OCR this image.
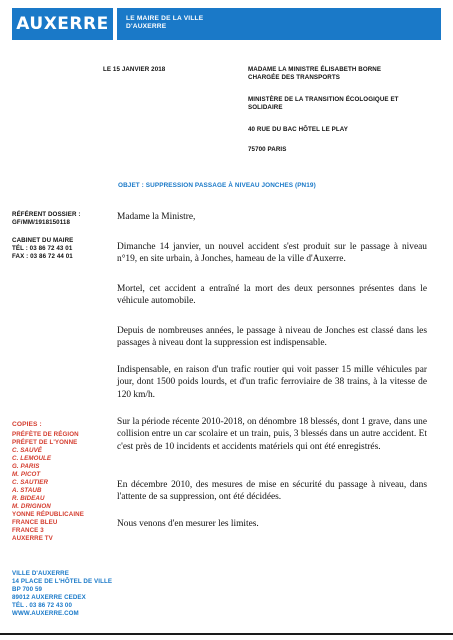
AUXERRE	LE MAIRE DE LA VILLE
D'AUXERRE
LE 15 JANVIER 2018	MADAME LA MINISTRE ÉLISABETH BORNE
CHARGÉE DES TRANSPORTS
MINISTÈRE DE LA TRANSITION ÉCOLOGIQUE ET
SOLIDAIRE
40 RUE DU BAC HÔTEL LE PLAY
75700 PARIS
OBJET : SUPPRESSION PASSAGE À NIVEAU JONCHES (PN19)
RÉFÉRENT DOSSIER :
GF/MM/1918150118
CABINET DU MAIRE
TÉL : 03 86 72 43 01
FAX : 03 86 72 44 01
COPIES :
PRÉFÈTE DE RÉGION
PRÉFET DE L'YONNE
C. SAUVÉ
C. LEMOULE
G. PARIS
M. PICOT
C. SAUTIER
A. STAUB
R. BIDEAU
M. DRIGNON
YONNE RÉPUBLICAINE
FRANCE BLEU
FRANCE 3
AUXERRE TV
VILLE D'AUXERRE
14 PLACE DE L'HÔTEL DE VILLE
BP 700 59
89012 AUXERRE CEDEX
TÉL . 03 86 72 43 00
WWW.AUXERRE.COM
Madame la Ministre,
Dimanche 14 janvier, un nouvel accident s'est produit sur le passage à niveau n°19, en site urbain, à Jonches, hameau de la ville d'Auxerre.
Mortel, cet accident a entraîné la mort des deux personnes présentes dans le véhicule automobile.
Depuis de nombreuses années, le passage à niveau de Jonches est classé dans les passages à niveau dont la suppression est indispensable.
Indispensable, en raison d'un trafic routier qui voit passer 15 mille véhicules par jour, dont 1500 poids lourds, et d'un trafic ferroviaire de 38 trains, à la vitesse de 120 km/h.
Sur la période récente 2010-2018, on dénombre 18 blessés, dont 1 grave, dans une collision entre un car scolaire et un train, puis, 3 blessés dans un autre accident. Et c'est près de 10 incidents et accidents matériels qui ont été enregistrés.
En décembre 2010, des mesures de mise en sécurité du passage à niveau, dans l'attente de sa suppression, ont été décidées.
Nous venons d'en mesurer les limites.
